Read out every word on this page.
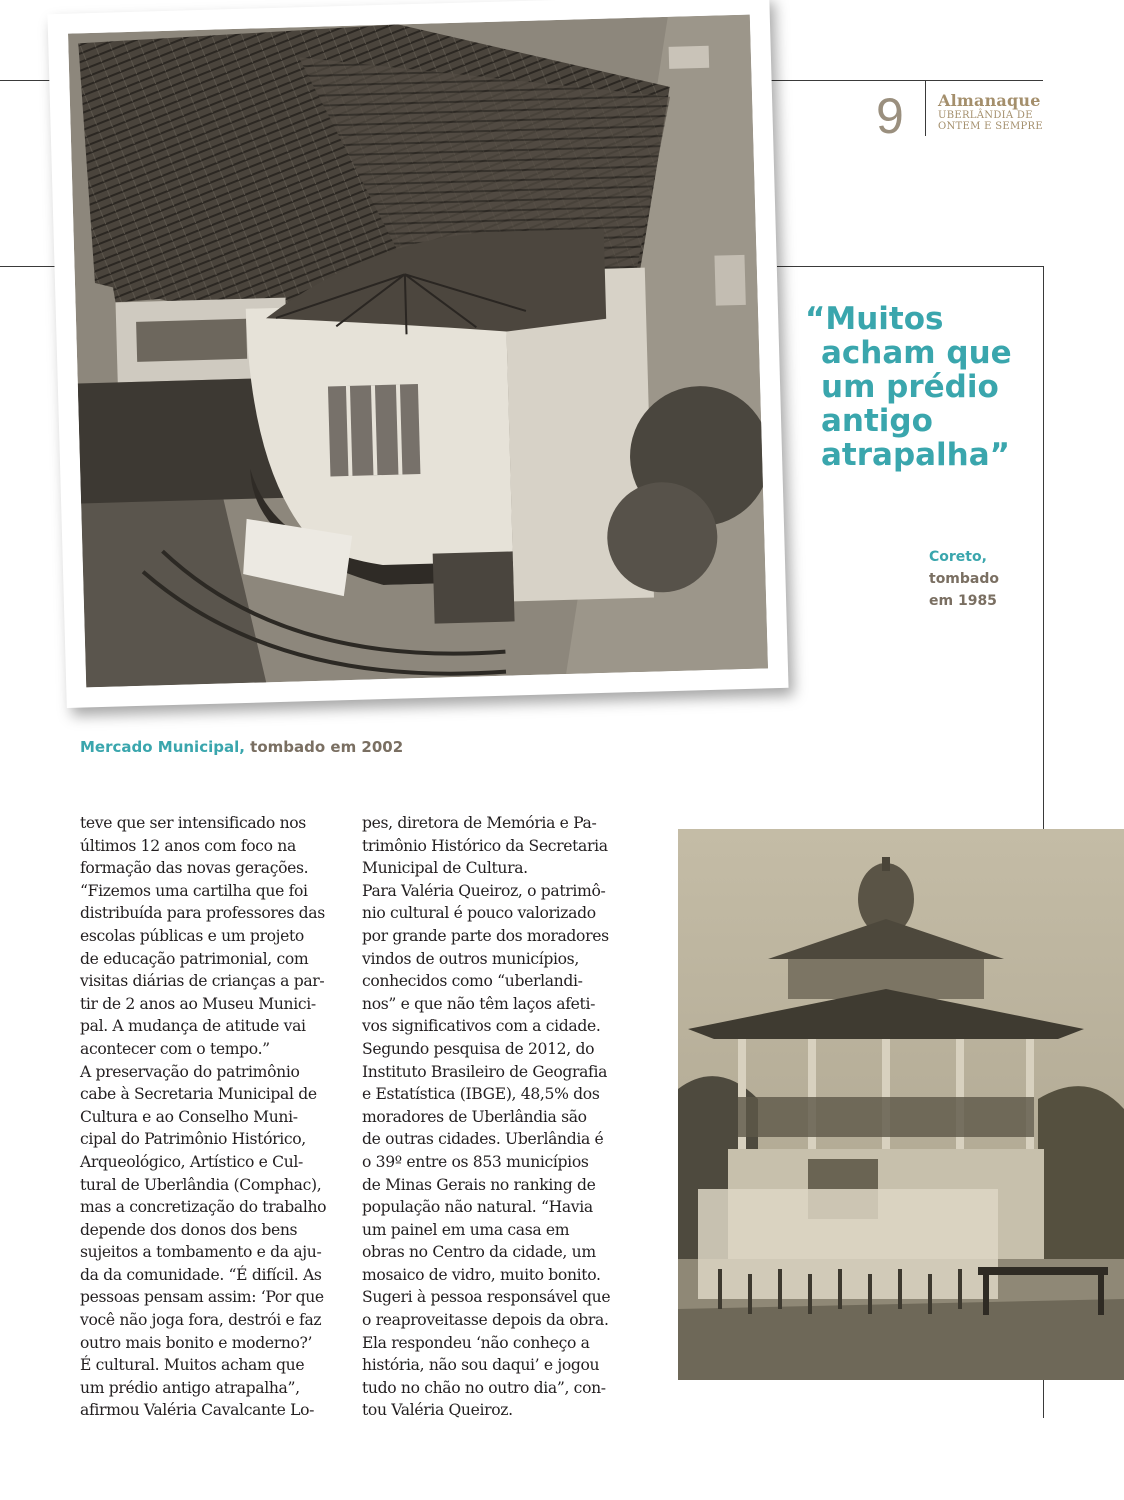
9 Almanaque
UBERLÂNDIA DE
ONTEM E SEMPRE
Mercado Municipal, tombado em 2002
“Muitos
acham que
um prédio
antigo
atrapalha”
Coreto,
tombado
em 1985
teve que ser intensificado nos
últimos 12 anos com foco na
formação das novas gerações.
“Fizemos uma cartilha que foi
distribuída para professores das
escolas públicas e um projeto
de educação patrimonial, com
visitas diárias de crianças a par-
tir de 2 anos ao Museu Munici-
pal. A mudança de atitude vai
acontecer com o tempo.”
A preservação do patrimônio
cabe à Secretaria Municipal de
Cultura e ao Conselho Muni-
cipal do Patrimônio Histórico,
Arqueológico, Artístico e Cul-
tural de Uberlândia (Comphac),
mas a concretização do trabalho
depende dos donos dos bens
sujeitos a tombamento e da aju-
da da comunidade. “É difícil. As
pessoas pensam assim: ‘Por que
você não joga fora, destrói e faz
outro mais bonito e moderno?’
É cultural. Muitos acham que
um prédio antigo atrapalha”,
afirmou Valéria Cavalcante Lo-
pes, diretora de Memória e Pa-
trimônio Histórico da Secretaria
Municipal de Cultura.
Para Valéria Queiroz, o patrimô-
nio cultural é pouco valorizado
por grande parte dos moradores
vindos de outros municípios,
conhecidos como “uberlandi-
nos” e que não têm laços afeti-
vos significativos com a cidade.
Segundo pesquisa de 2012, do
Instituto Brasileiro de Geografia
e Estatística (IBGE), 48,5% dos
moradores de Uberlândia são
de outras cidades. Uberlândia é
o 39º entre os 853 municípios
de Minas Gerais no ranking de
população não natural. “Havia
um painel em uma casa em
obras no Centro da cidade, um
mosaico de vidro, muito bonito.
Sugeri à pessoa responsável que
o reaproveitasse depois da obra.
Ela respondeu ‘não conheço a
história, não sou daqui’ e jogou
tudo no chão no outro dia”, con-
tou Valéria Queiroz.
